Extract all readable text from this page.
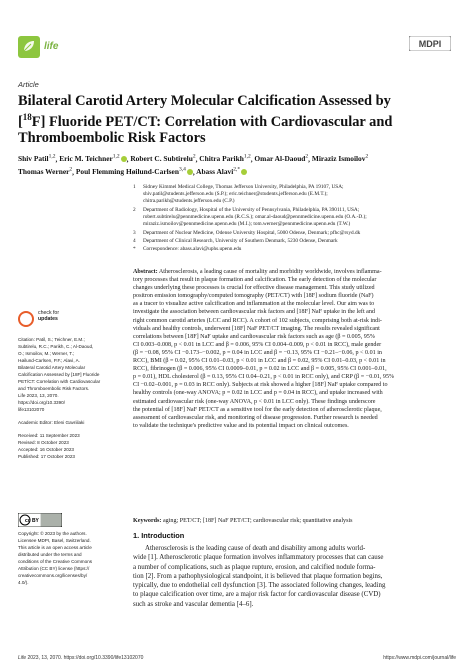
life	MDPI
Article
Bilateral Carotid Artery Molecular Calcification Assessed by
[$^{18}$F] Fluoride PET/CT: Correlation with Cardiovascular and
Thromboembolic Risk Factors
Shiv Patil$^{1,2}$, Eric M. Teichner$^{1,2}$ , Robert C. Subtirelu$^2$, Chitra Parikh$^{1,2}$, Omar Al-Daoud$^2$, Miraziz Ismoilov$^2$
Thomas Werner$^2$, Poul Flemming Høilund-Carlsen$^{3,4}$ , Abass Alavi$^{2,*}$
1 Sidney Kimmel Medical College, Thomas Jefferson University, Philadelphia, PA 19107, USA;
shiv.patil@students.jefferson.edu (S.P.); eric.teichner@students.jefferson.edu (E.M.T.);
chitra.parikh@students.jefferson.edu (C.P.)
2 Department of Radiology, Hospital of the University of Pennsylvania, Philadelphia, PA 390111, USA;
robert.subtirelu@pennmedicine.upenn.edu (R.C.S.); omar.al-daoud@pennmedicine.upenn.edu (O.A.-D.);
miraziz.ismoilov@pennmedicine.upenn.edu (M.I.); tom.werner@pennmedicine.upenn.edu (T.W.)
3 Department of Nuclear Medicine, Odense University Hospital, 5000 Odense, Denmark; pfhc@rsyd.dk
4 Department of Clinical Research, University of Southern Denmark, 5230 Odense, Denmark
* Correspondence: abass.alavi@uphs.upenn.edu
check for
updates
Citation: Patil, S.; Teichner, E.M.;
Subtirelu, R.C.; Parikh, C.; Al-Daoud,
O.; Ismoilov, M.; Werner, T.;
Høilund-Carlsen, P.F.; Alavi, A.
Bilateral Carotid Artery Molecular
Calcification Assessed by [18F] Fluoride
PET/CT: Correlation with Cardiovascular
and Thromboembolic Risk Factors.
Life 2023, 13, 2070.
https://doi.org/10.3390/
life13102070
Academic Editor: Eleni Gavriilaki
Received: 11 September 2023
Revised: 8 October 2023
Accepted: 16 October 2023
Published: 17 October 2023
cc BY
Copyright: © 2023 by the authors.
Licensee MDPI, Basel, Switzerland.
This article is an open access article
distributed under the terms and
conditions of the Creative Commons
Attribution (CC BY) license (https://
creativecommons.org/licenses/by/
4.0/).
Abstract: Atherosclerosis, a leading cause of mortality and morbidity worldwide, involves inflamma-
tory processes that result in plaque formation and calcification. The early detection of the molecular
changes underlying these processes is crucial for effective disease management. This study utilized
positron emission tomography/computed tomography (PET/CT) with [18F] sodium fluoride (NaF)
as a tracer to visualize active calcification and inflammation at the molecular level. Our aim was to
investigate the association between cardiovascular risk factors and [18F] NaF uptake in the left and
right common carotid arteries (LCC and RCC). A cohort of 102 subjects, comprising both at-risk indi-
viduals and healthy controls, underwent [18F] NaF PET/CT imaging. The results revealed significant
correlations between [18F] NaF uptake and cardiovascular risk factors such as age (β = 0.005, 95%
CI 0.003–0.008, p < 0.01 in LCC and β = 0.006, 95% CI 0.004–0.009, p < 0.01 in RCC), male gender
(β = −0.08, 95% CI −0.173–−0.002, p = 0.04 in LCC and β = −0.13, 95% CI −0.21–−0.06, p < 0.01 in
RCC), BMI (β = 0.02, 95% CI 0.01–0.03, p < 0.01 in LCC and β = 0.02, 95% CI 0.01–0.03, p < 0.01 in
RCC), fibrinogen (β = 0.006, 95% CI 0.0009–0.01, p = 0.02 in LCC and β = 0.005, 95% CI 0.001–0.01,
p = 0.01), HDL cholesterol (β = 0.13, 95% CI 0.04–0.21, p < 0.01 in RCC only), and CRP (β = −0.01, 95%
CI −0.02–0.001, p = 0.03 in RCC only). Subjects at risk showed a higher [18F] NaF uptake compared to
healthy controls (one-way ANOVA; p = 0.02 in LCC and p = 0.04 in RCC), and uptake increased with
estimated cardiovascular risk (one-way ANOVA, p < 0.01 in LCC only). These findings underscore
the potential of [18F] NaF PET/CT as a sensitive tool for the early detection of atherosclerotic plaque,
assessment of cardiovascular risk, and monitoring of disease progression. Further research is needed
to validate the technique's predictive value and its potential impact on clinical outcomes.
Keywords: aging; PET/CT; [18F] NaF PET/CT; cardiovascular risk; quantitative analysis
1. Introduction
Atherosclerosis is the leading cause of death and disability among adults world-
wide [1]. Atherosclerotic plaque formation involves inflammatory processes that can cause
a number of complications, such as plaque rupture, erosion, and calcified nodule forma-
tion [2]. From a pathophysiological standpoint, it is believed that plaque formation begins,
typically, due to endothelial cell dysfunction [3]. The associated following changes, leading
to plaque calcification over time, are a major risk factor for cardiovascular disease (CVD)
such as stroke and vascular dementia [4–6].
Life 2023, 13, 2070. https://doi.org/10.3390/life13102070	https://www.mdpi.com/journal/life
